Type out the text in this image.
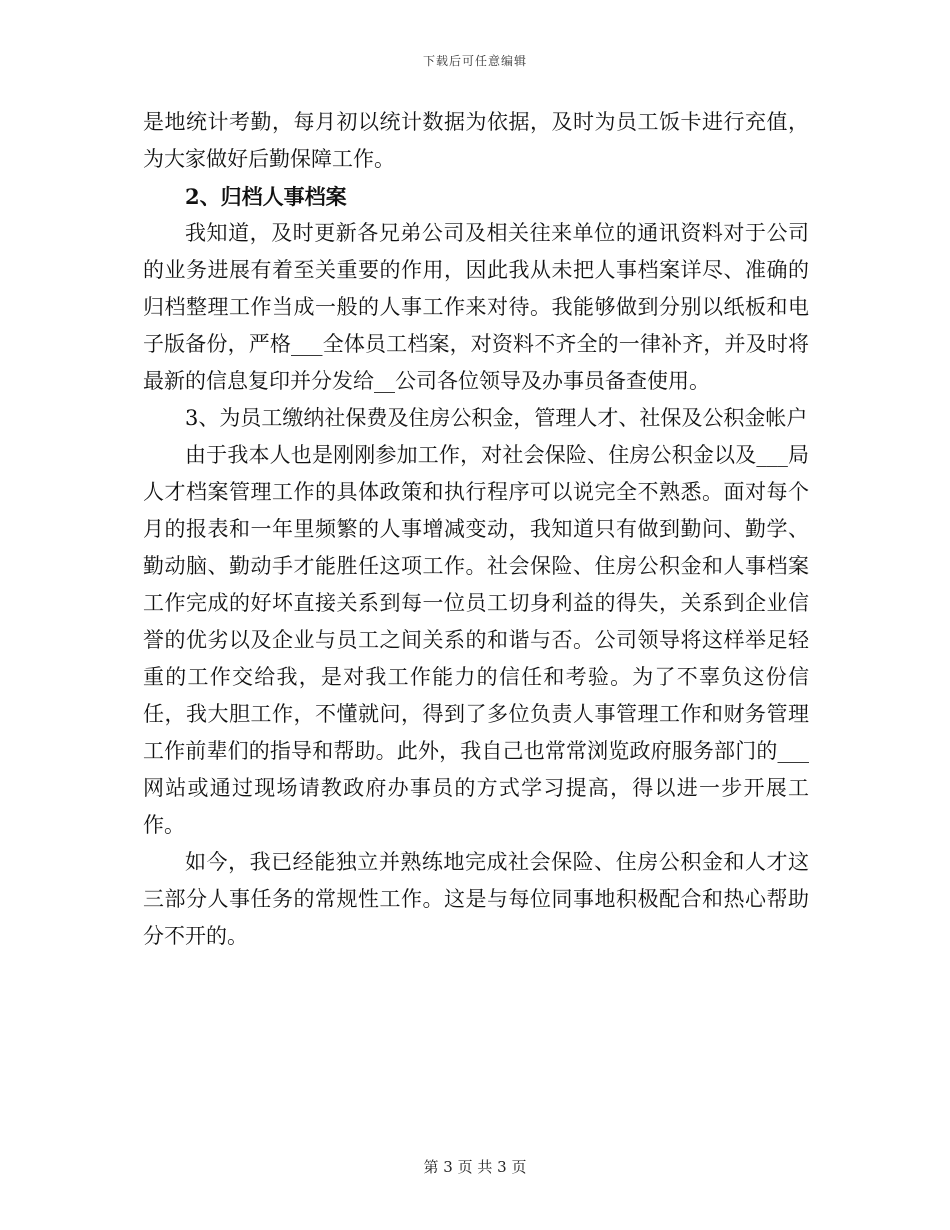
下载后可任意编辑

是地统计考勤，每月初以统计数据为依据，及时为员工饭卡进行充值，为大家做好后勤保障工作。

2、归档人事档案

我知道，及时更新各兄弟公司及相关往来单位的通讯资料对于公司的业务进展有着至关重要的作用，因此我从未把人事档案详尽、准确的归档整理工作当成一般的人事工作来对待。我能够做到分别以纸板和电子版备份，严格___全体员工档案，对资料不齐全的一律补齐，并及时将最新的信息复印并分发给__公司各位领导及办事员备查使用。

3、为员工缴纳社保费及住房公积金，管理人才、社保及公积金帐户

由于我本人也是刚刚参加工作，对社会保险、住房公积金以及___局人才档案管理工作的具体政策和执行程序可以说完全不熟悉。面对每个月的报表和一年里频繁的人事增减变动，我知道只有做到勤问、勤学、勤动脑、勤动手才能胜任这项工作。社会保险、住房公积金和人事档案工作完成的好坏直接关系到每一位员工切身利益的得失，关系到企业信誉的优劣以及企业与员工之间关系的和谐与否。公司领导将这样举足轻重的工作交给我，是对我工作能力的信任和考验。为了不辜负这份信任，我大胆工作，不懂就问，得到了多位负责人事管理工作和财务管理工作前辈们的指导和帮助。此外，我自己也常常浏览政府服务部门的___网站或通过现场请教政府办事员的方式学习提高，得以进一步开展工作。

如今，我已经能独立并熟练地完成社会保险、住房公积金和人才这三部分人事任务的常规性工作。这是与每位同事地积极配合和热心帮助分不开的。

第 3 页 共 3 页
